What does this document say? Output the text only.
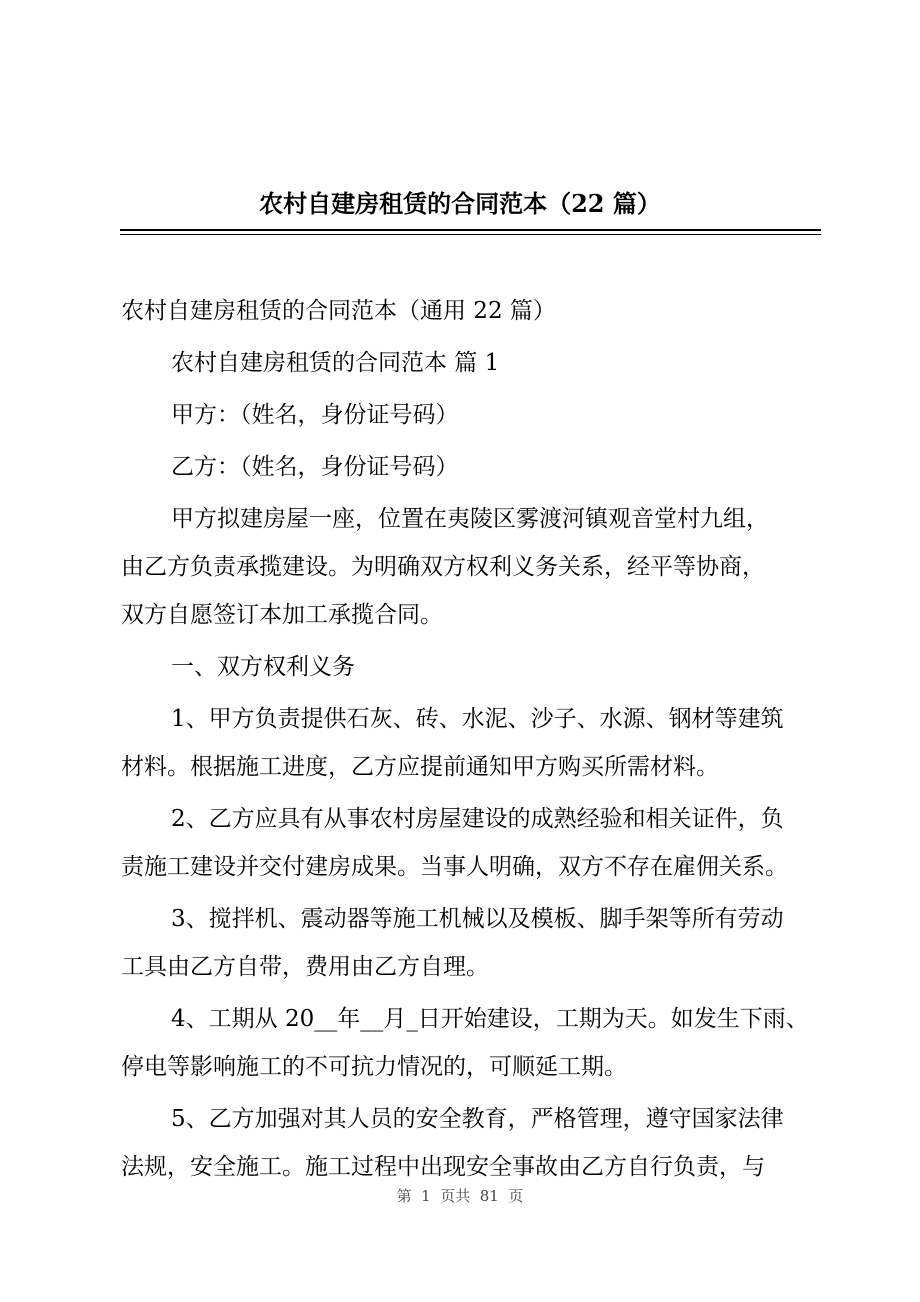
农村自建房租赁的合同范本（22 篇）
农村自建房租赁的合同范本（通用 22 篇）
农村自建房租赁的合同范本 篇 1
甲方：（姓名，身份证号码）
乙方：（姓名，身份证号码）
甲方拟建房屋一座，位置在夷陵区雾渡河镇观音堂村九组，
由乙方负责承揽建设。为明确双方权利义务关系，经平等协商，
双方自愿签订本加工承揽合同。
一、双方权利义务
1、甲方负责提供石灰、砖、水泥、沙子、水源、钢材等建筑
材料。根据施工进度，乙方应提前通知甲方购买所需材料。
2、乙方应具有从事农村房屋建设的成熟经验和相关证件，负
责施工建设并交付建房成果。当事人明确，双方不存在雇佣关系。
3、搅拌机、震动器等施工机械以及模板、脚手架等所有劳动
工具由乙方自带，费用由乙方自理。
4、工期从 20__年__月_日开始建设，工期为天。如发生下雨、
停电等影响施工的不可抗力情况的，可顺延工期。
5、乙方加强对其人员的安全教育，严格管理，遵守国家法律
法规，安全施工。施工过程中出现安全事故由乙方自行负责，与
第  1  页共  81  页
